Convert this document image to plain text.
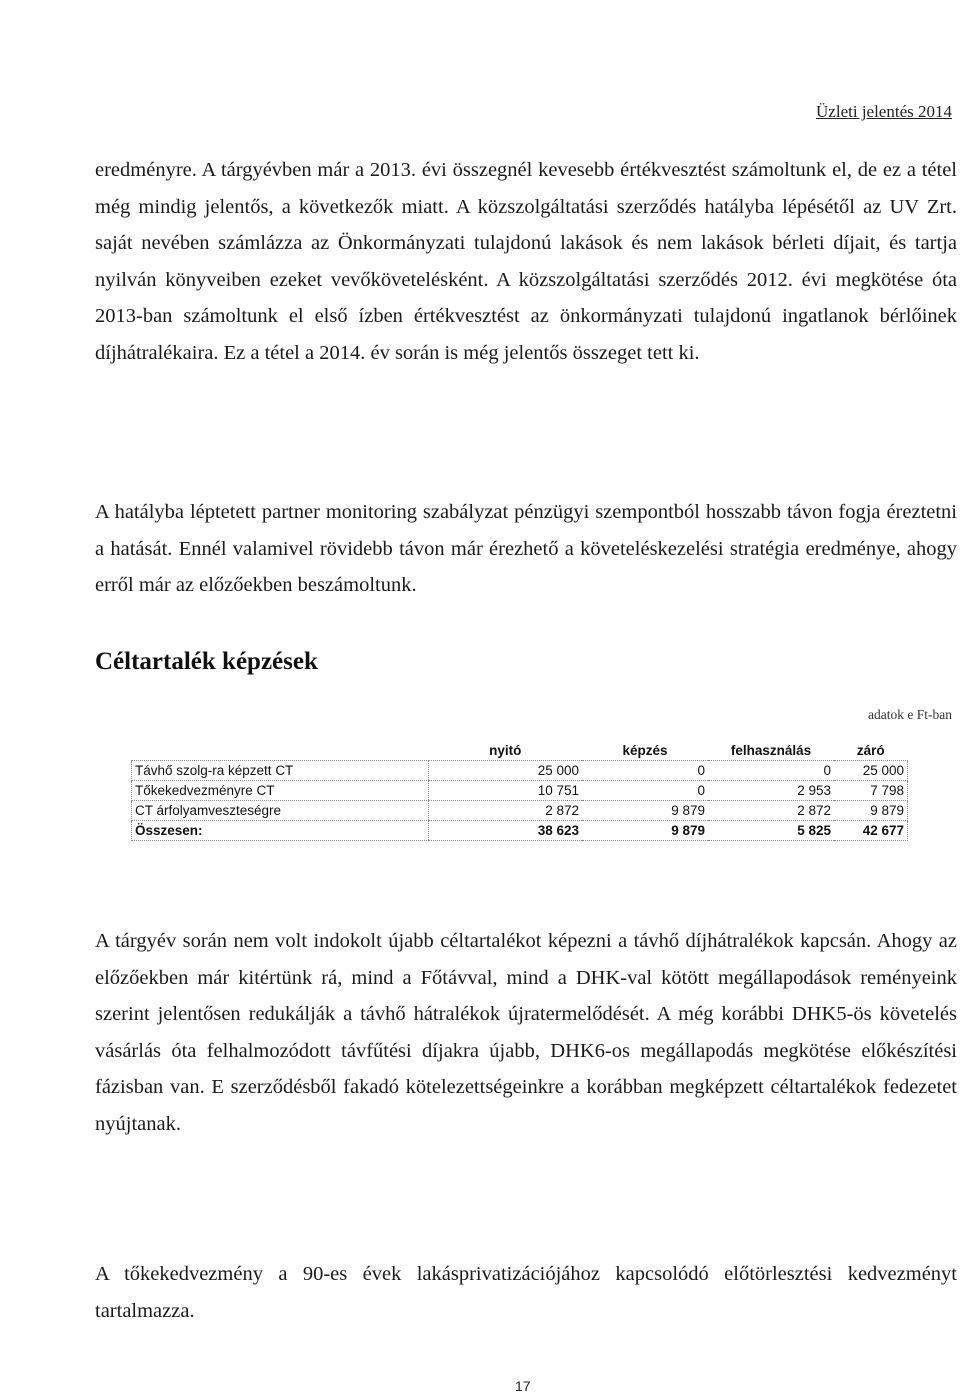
Üzleti jelentés 2014

eredményre. A tárgyévben már a 2013. évi összegnél kevesebb értékvesztést számoltunk el, de ez a tétel még mindig jelentős, a következők miatt. A közszolgáltatási szerződés hatályba lépésétől az UV Zrt. saját nevében számlázza az Önkormányzati tulajdonú lakások és nem lakások bérleti díjait, és tartja nyilván könyveiben ezeket vevőkövetelésként. A közszolgáltatási szerződés 2012. évi megkötése óta 2013-ban számoltunk el első ízben értékvesztést az önkormányzati tulajdonú ingatlanok bérlőinek díjhátralékaira. Ez a tétel a 2014. év során is még jelentős összeget tett ki.

A hatályba léptetett partner monitoring szabályzat pénzügyi szempontból hosszabb távon fogja éreztetni a hatását. Ennél valamivel rövidebb távon már érezhető a követeléskezelési stratégia eredménye, ahogy erről már az előzőekben beszámoltunk.

Céltartalék képzések
adatok e Ft-ban
	nyitó	képzés	felhasználás	záró
Távhő szolg-ra képzett CT	25 000	0	0	25 000
Tőkekedvezményre CT	10 751	0	2 953	7 798
CT árfolyamveszteségre	2 872	9 879	2 872	9 879
Összesen:	38 623	9 879	5 825	42 677

A tárgyév során nem volt indokolt újabb céltartalékot képezni a távhő díjhátralékok kapcsán. Ahogy az előzőekben már kitértünk rá, mind a Főtávval, mind a DHK-val kötött megállapodások reményeink szerint jelentősen redukálják a távhő hátralékok újratermelődését. A még korábbi DHK5-ös követelés vásárlás óta felhalmozódott távfűtési díjakra újabb, DHK6-os megállapodás megkötése előkészítési fázisban van. E szerződésből fakadó kötelezettségeinkre a korábban megképzett céltartalékok fedezetet nyújtanak.

A tőkekedvezmény a 90-es évek lakásprivatizációjához kapcsolódó előtörlesztési kedvezményt tartalmazza.

17
